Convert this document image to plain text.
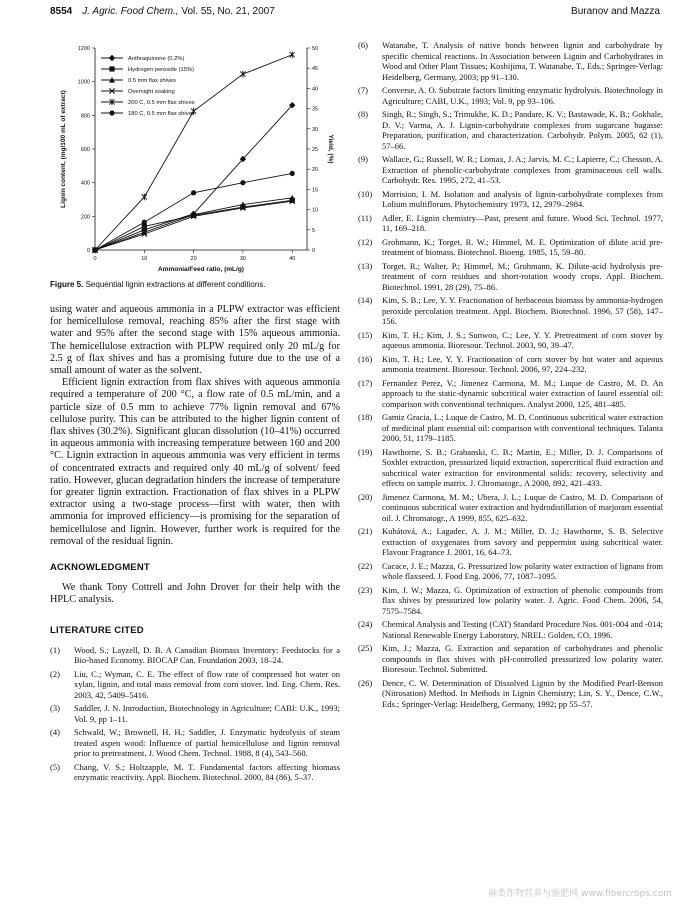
8554 J. Agric. Food Chem., Vol. 55, No. 21, 2007	Buranov and Mazza
0
200
400
600
800
1000
1200
0
5
10
15
20
25
30
35
40
45
50
0	10	20	30	40
Ammonia/Feed ratio, (mL/g)
Lignin content, (mg/100 mL of extract)	Yield, (%)
Anthraquinone (0.2%)
Hydrogen peroxide (15%)
0.5 mm flax shives
Overnight soaking
200 C, 0.5 mm flax shives
180 C, 0.5 mm flax shives
Figure 5. Sequential lignin extractions at different conditions.

using water and aqueous ammonia in a PLPW extractor was efficient for hemicellulose removal, reaching 85% after the first stage with water and 95% after the second stage with 15% aqueous ammonia. The hemicellulose extraction with PLPW required only 20 mL/g for 2.5 g of flax shives and has a promising future due to the use of a small amount of water as the solvent.

Efficient lignin extraction from flax shives with aqueous ammonia required a temperature of 200 °C, a flow rate of 0.5 mL/min, and a particle size of 0.5 mm to achieve 77% lignin removal and 67% cellulose purity. This can be attributed to the higher lignin content of flax shives (30.2%). Significant glucan dissolution (10–41%) occurred in aqueous ammonia with increasing temperature between 160 and 200 °C. Lignin extraction in aqueous ammonia was very efficient in terms of concentrated extracts and required only 40 mL/g of solvent/ feed ratio. However, glucan degradation hinders the increase of temperature for greater lignin extraction. Fractionation of flax shives in a PLPW extractor using a two-stage process—first with water, then with ammonia for improved efficiency—is promising for the separation of hemicellulose and lignin. However, further work is required for the removal of the residual lignin.

ACKNOWLEDGMENT

We thank Tony Cottrell and John Drover for their help with the HPLC analysis.

LITERATURE CITED
(1) Wood, S.; Layzell, D. B. A Canadian Biomass Inventory: Feedstocks for a Bio-based Economy. BIOCAP Can. Foundation 2003, 18–24.
(2) Liu, C.; Wyman, C. E. The effect of flow rate of compressed hot water on xylan, lignin, and total mass removal from corn stover. Ind. Eng. Chem. Res. 2003, 42, 5409–5416.
(3) Saddler, J. N. Introduction, Biotechnology in Agriculture; CABI: U.K., 1993; Vol. 9, pp 1–11.
(4) Schwald, W.; Brownell, H. H.; Saddler, J. Enzymatic hydrolysis of steam treated aspen wood: Influence of partial hemicellulose and lignin removal prior to pretreatment. J. Wood Chem. Technol. 1988, 8 (4), 543–560.
(5) Chang, V. S.; Holtzapple, M. T. Fundamental factors affecting biomass enzymatic reactivity. Appl. Biochem. Biotechnol. 2000, 84 (86), 5–37.
(6) Watanabe, T. Analysis of native bonds between lignin and carbohydrate by specific chemical reactions. In Association between Lignin and Carbohydrates in Wood and Other Plant Tissues; Koshijima, T. Watanabe, T., Eds.; Springer-Verlag: Heidelberg, Germany, 2003; pp 91–130.
(7) Converse, A. O. Substrate factors limiting enzymatic hydrolysis. Biotechnology in Agriculture; CABI, U.K., 1993; Vol. 9, pp 93–106.
(8) Singh, R.; Singh, S.; Trimukhe, K. D.; Pandare, K. V.; Bastawade, K. B.; Gokhale, D. V.; Varma, A. J. Lignin-carbohydrate complexes from sugarcane bagasse: Preparation, purification, and characterization. Carbohydr. Polym. 2005, 62 (1), 57–66.
(9) Wallace, G.; Russell, W. R.; Lomax, J. A.; Jarvis, M. C.; Lapierre, C.; Chesson, A. Extraction of phenolic-carbohydrate complexes from graminaceous cell walls. Carbohydr. Res. 1995, 272, 41–53.
(10) Morrision, I. M. Isolation and analysis of lignin-carbohydrate complexes from Lolium multiflorum. Phytochemistry 1973, 12, 2979–2984.
(11) Adler, E. Lignin chemistry—Past, present and future. Wood Sci. Technol. 1977, 11, 169–218.
(12) Grohmann, K.; Torget, R. W.; Himmel, M. E. Optimization of dilute acid pre-treatment of biomass. Biotechnol. Bioeng. 1985, 15, 59–80.
(13) Torget, R.; Walter, P.; Himmel, M.; Grohmann, K. Dilute-acid hydrolysis pre-treatment of corn residues and short-rotation woody crops. Appl. Biochem. Biotechnol. 1991, 28 (29), 75–86.
(14) Kim, S. B.; Lee, Y. Y. Fractionation of herbaceous biomass by ammonia-hydrogen peroxide percolation treatment. Appl. Biochem. Biotechnol. 1996, 57 (58), 147–156.
(15) Kim, T. H.; Kim, J. S.; Sunwoo, C.; Lee, Y. Y. Pretreatment of corn stover by aqueous ammonia. Bioresour. Technol. 2003, 90, 39–47.
(16) Kim, T. H.; Lee, Y. Y. Fractionation of corn stover by hot water and aqueous ammonia treatment. Bioresour. Technol. 2006, 97, 224–232.
(17) Fernandez Perez, V.; Jimenez Carmona, M. M.; Luque de Castro, M. D. An approach to the static-dynamic subcritical water extraction of laurel essential oil: comparison with conventional techniques. Analyst 2000, 125, 481–485.
(18) Gamiz Gracia, L.; Luque de Castro, M. D. Continuous subcritical water extraction of medicinal plant essential oil: comparison with conventional techniques. Talanta 2000, 51, 1179–1185.
(19) Hawthorne, S. B.; Grabanski, C. B.; Martin, E.; Miller, D. J. Comparisons of Soxhlet extraction, pressurized liquid extraction, supercritical fluid extraction and subcritical water extraction for environmental solids: recovery, selectivity and effects on sample matrix. J. Chromatogr., A 2000, 892, 421–433.
(20) Jimenez Carmona, M. M.; Ubera, J. L.; Luque de Castro, M. D. Comparison of continuous subcritical water extraction and hydrodistillation of marjoram essential oil. J. Chromatogr., A 1999, 855, 625–632.
(21) Kubátová, A.; Lagadec, A. J. M.; Miller, D. J.; Hawthorne, S. B. Selective extraction of oxygenates from savory and peppermint using subcritical water. Flavour Fragrance J. 2001, 16, 64–73.
(22) Cacace, J. E.; Mazza, G. Pressurized low polarity water extraction of lignans from whole flaxseed. J. Food Eng. 2006, 77, 1087–1095.
(23) Kim, J. W.; Mazza, G. Optimization of extraction of phenolic compounds from flax shives by pressurized low polarity water. J. Agric. Food Chem. 2006, 54, 7575–7584.
(24) Chemical Analysis and Testing (CAT) Standard Procedure Nos. 001-004 and -014; National Renewable Energy Laboratory, NREL: Golden, CO, 1996.
(25) Kim, J.; Mazza, G. Extraction and separation of carbohydrates and phenolic compounds in flax shives with pH-controlled pressurized low polarity water. Bioresour. Technol. Submitted.
(26) Dence, C. W. Determination of Dissolved Lignin by the Modified Pearl-Benson (Nitrosation) Method. In Methods in Lignin Chemistry; Lin, S. Y., Dence, C.W., Eds.; Springer-Verlag: Heidelberg, Germany, 1992; pp 55–57.
麻类作物营养与施肥网 www.fibercrops.com
